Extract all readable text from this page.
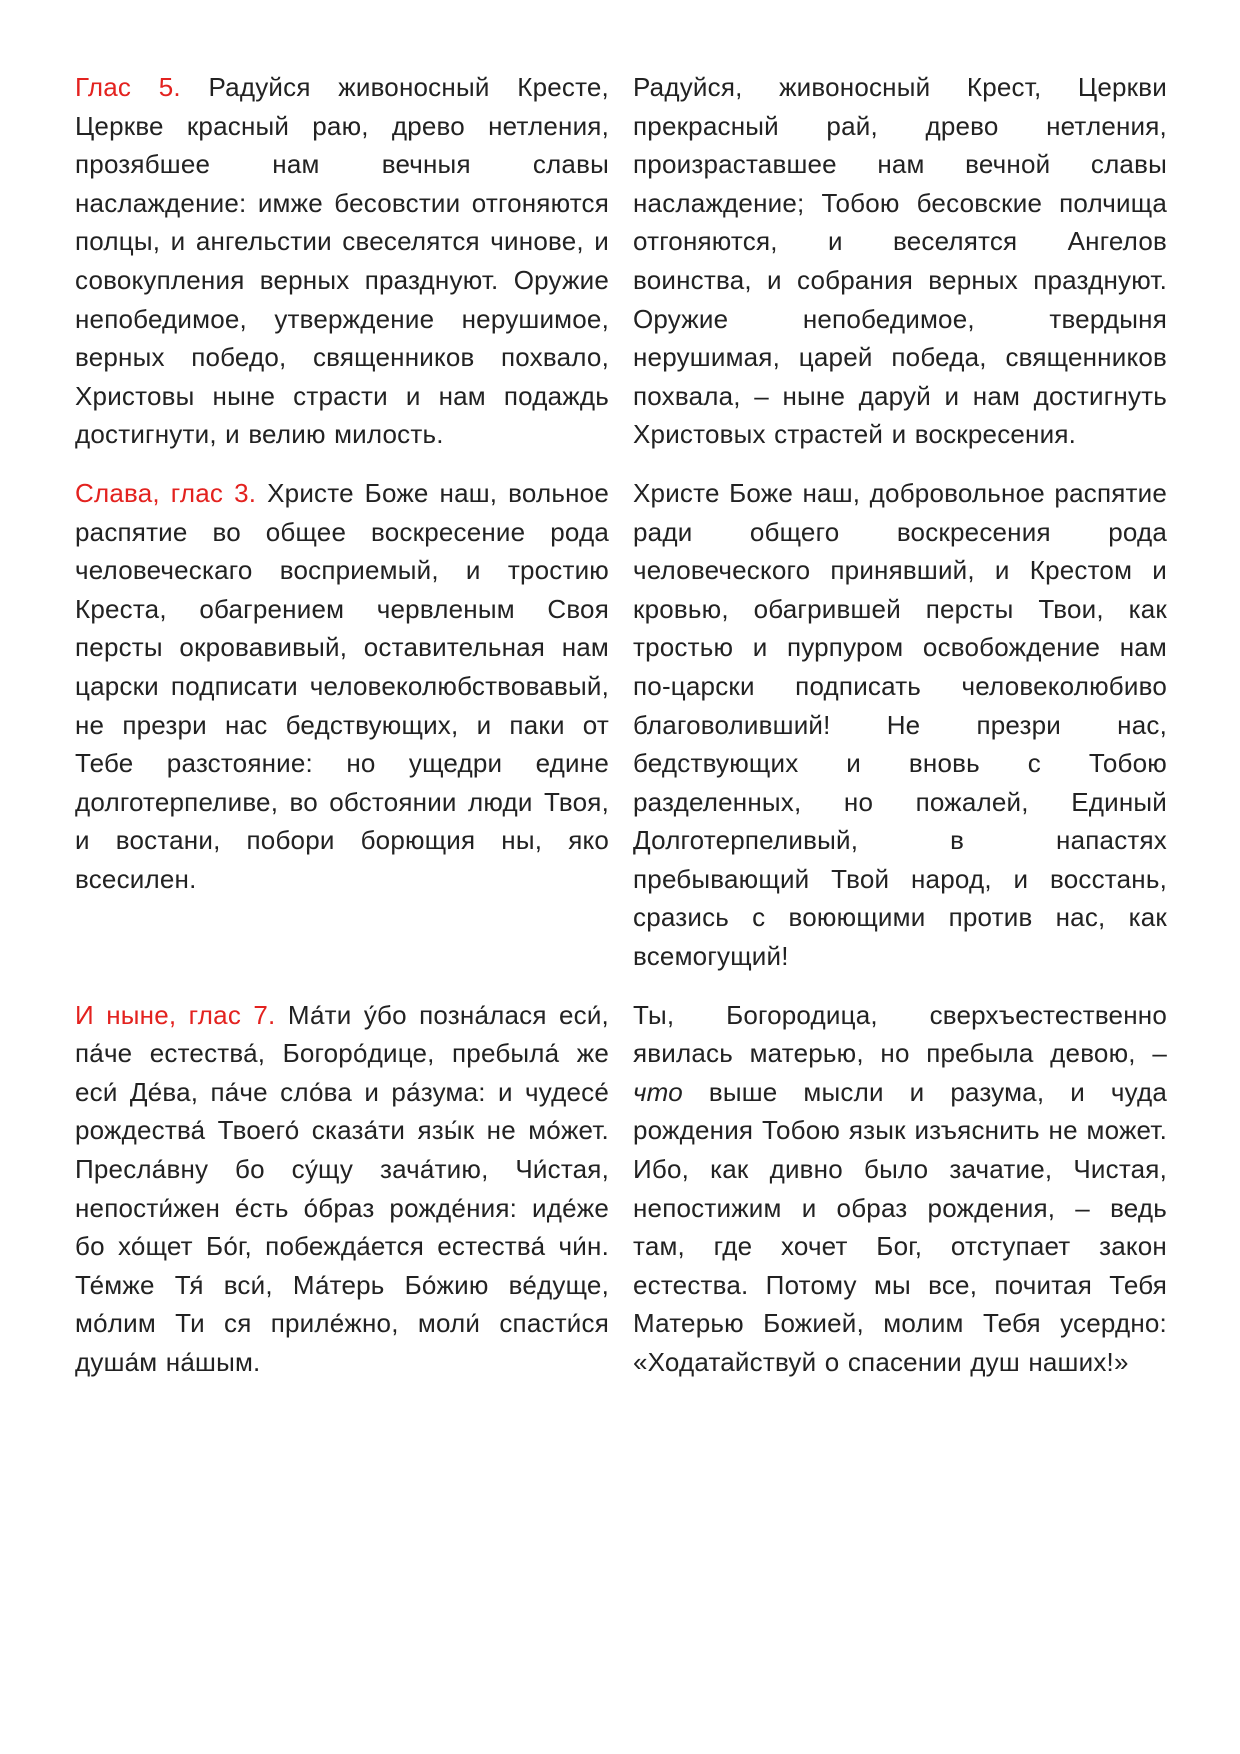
Глас 5. Радуйся живоносный Кресте, Церкве красный раю, древо нетления, прозябшее нам вечныя славы наслаждение: имже бесовстии отгоняются полцы, и ангельстии свеселятся чинове, и совокупления верных празднуют. Оружие непобедимое, утверждение нерушимое, верных победо, священников похвало, Христовы ныне страсти и нам подаждь достигнути, и велию милость.
Радуйся, живоносный Крест, Церкви прекрасный рай, древо нетления, произраставшее нам вечной славы наслаждение; Тобою бесовские полчища отгоняются, и веселятся Ангелов воинства, и собрания верных празднуют. Оружие непобедимое, твердыня нерушимая, царей победа, священников похвала, – ныне даруй и нам достигнуть Христовых страстей и воскресения.
Слава, глас 3. Христе Боже наш, вольное распятие во общее воскресение рода человеческаго восприемый, и тростию Креста, обагрением червленым Своя персты окровавивый, оставительная нам царски подписати человеколюбствовавый, не презри нас бедствующих, и паки от Тебе разстояние: но ущедри едине долготерпеливе, во обстоянии люди Твоя, и востани, побори борющия ны, яко всесилен.
Христе Боже наш, добровольное распятие ради общего воскресения рода человеческого принявший, и Крестом и кровью, обагрившей персты Твои, как тростью и пурпуром освобождение нам по-царски подписать человеколюбиво благоволивший! Не презри нас, бедствующих и вновь с Тобою разделенных, но пожалей, Единый Долготерпеливый, в напастях пребывающий Твой народ, и восстань, сразись с воюющими против нас, как всемогущий!
И ныне, глас 7. Ма́ти у́бо позна́лася еси́, па́че естества́, Богоро́дице, пребыла́ же еси́ Де́ва, па́че сло́ва и ра́зума: и чудесе́ рождества́ Твоего́ сказа́ти язы́к не мо́жет. Пресла́вну бо су́щу зача́тию, Чи́стая, непости́жен е́сть о́браз рожде́ния: иде́же бо хо́щет Бо́г, побежда́ется естества́ чи́н. Те́мже Тя́ вси́, Ма́терь Бо́жию ве́дуще, мо́лим Ти ся приле́жно, моли́ спасти́ся душа́м на́шым.
Ты, Богородица, сверхъестественно явилась матерью, но пребыла девою, – что выше мысли и разума, и чуда рождения Тобою язык изъяснить не может. Ибо, как дивно было зачатие, Чистая, непостижим и образ рождения, – ведь там, где хочет Бог, отступает закон естества. Потому мы все, почитая Тебя Матерью Божией, молим Тебя усердно: «Ходатайствуй о спасении душ наших!»
